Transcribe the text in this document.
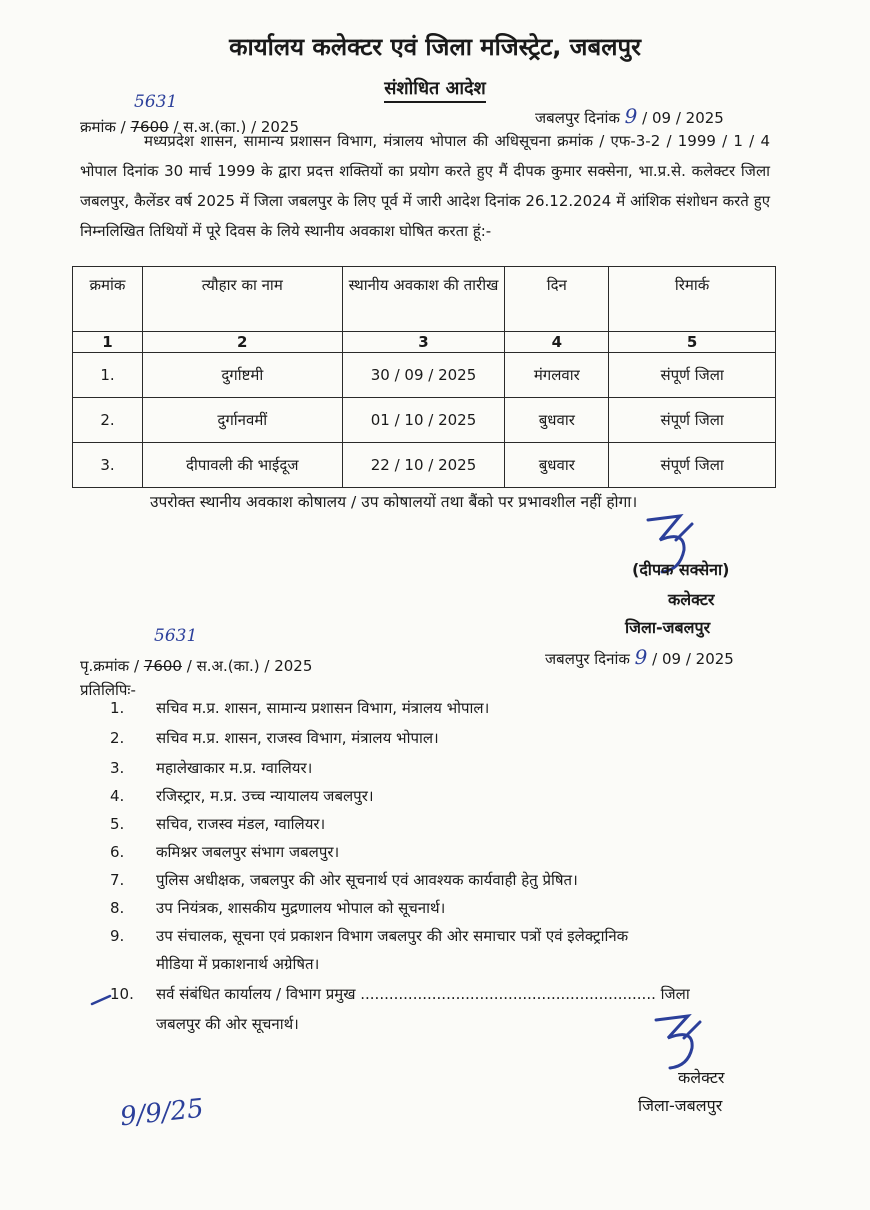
कार्यालय कलेक्टर एवं जिला मजिस्ट्रेट, जबलपुर
संशोधित आदेश
5631
क्रमांक / 7600 / स.अ.(का.) / 2025	जबलपुर दिनांक 9 / 09 / 2025
मध्यप्रदेश शासन, सामान्य प्रशासन विभाग, मंत्रालय भोपाल की अधिसूचना क्रमांक / एफ-3-2 / 1999 / 1 / 4 भोपाल दिनांक 30 मार्च 1999 के द्वारा प्रदत्त शक्तियों का प्रयोग करते हुए मैं दीपक कुमार सक्सेना, भा.प्र.से. कलेक्टर जिला जबलपुर, कैलेंडर वर्ष 2025 में जिला जबलपुर के लिए पूर्व में जारी आदेश दिनांक 26.12.2024 में आंशिक संशोधन करते हुए निम्नलिखित तिथियों में पूरे दिवस के लिये स्थानीय अवकाश घोषित करता हूं:-
क्रमांक	त्यौहार का नाम	स्थानीय अवकाश की तारीख	दिन	रिमार्क
1	2	3	4	5
1.	दुर्गाष्टमी	30 / 09 / 2025	मंगलवार	संपूर्ण जिला
2.	दुर्गानवमीं	01 / 10 / 2025	बुधवार	संपूर्ण जिला
3.	दीपावली की भाईदूज	22 / 10 / 2025	बुधवार	संपूर्ण जिला
उपरोक्त स्थानीय अवकाश कोषालय / उप कोषालयों तथा बैंको पर प्रभावशील नहीं होगा।
(दीपक सक्सेना)
कलेक्टर
जिला-जबलपुर
5631
पृ.क्रमांक / 7600 / स.अ.(का.) / 2025	जबलपुर दिनांक 9 / 09 / 2025
प्रतिलिपिः-
1. सचिव म.प्र. शासन, सामान्य प्रशासन विभाग, मंत्रालय भोपाल।
2. सचिव म.प्र. शासन, राजस्व विभाग, मंत्रालय भोपाल।
3. महालेखाकार म.प्र. ग्वालियर।
4. रजिस्ट्रार, म.प्र. उच्च न्यायालय जबलपुर।
5. सचिव, राजस्व मंडल, ग्वालियर।
6. कमिश्नर जबलपुर संभाग जबलपुर।
7. पुलिस अधीक्षक, जबलपुर की ओर सूचनार्थ एवं आवश्यक कार्यवाही हेतु प्रेषित।
8. उप नियंत्रक, शासकीय मुद्रणालय भोपाल को सूचनार्थ।
9. उप संचालक, सूचना एवं प्रकाशन विभाग जबलपुर की ओर समाचार पत्रों एवं इलेक्ट्रानिक
मीडिया में प्रकाशनार्थ अग्रेषित।
10. सर्व संबंधित कार्यालय / विभाग प्रमुख .............................................................. जिला
जबलपुर की ओर सूचनार्थ।
कलेक्टर
जिला-जबलपुर
9/9/25
